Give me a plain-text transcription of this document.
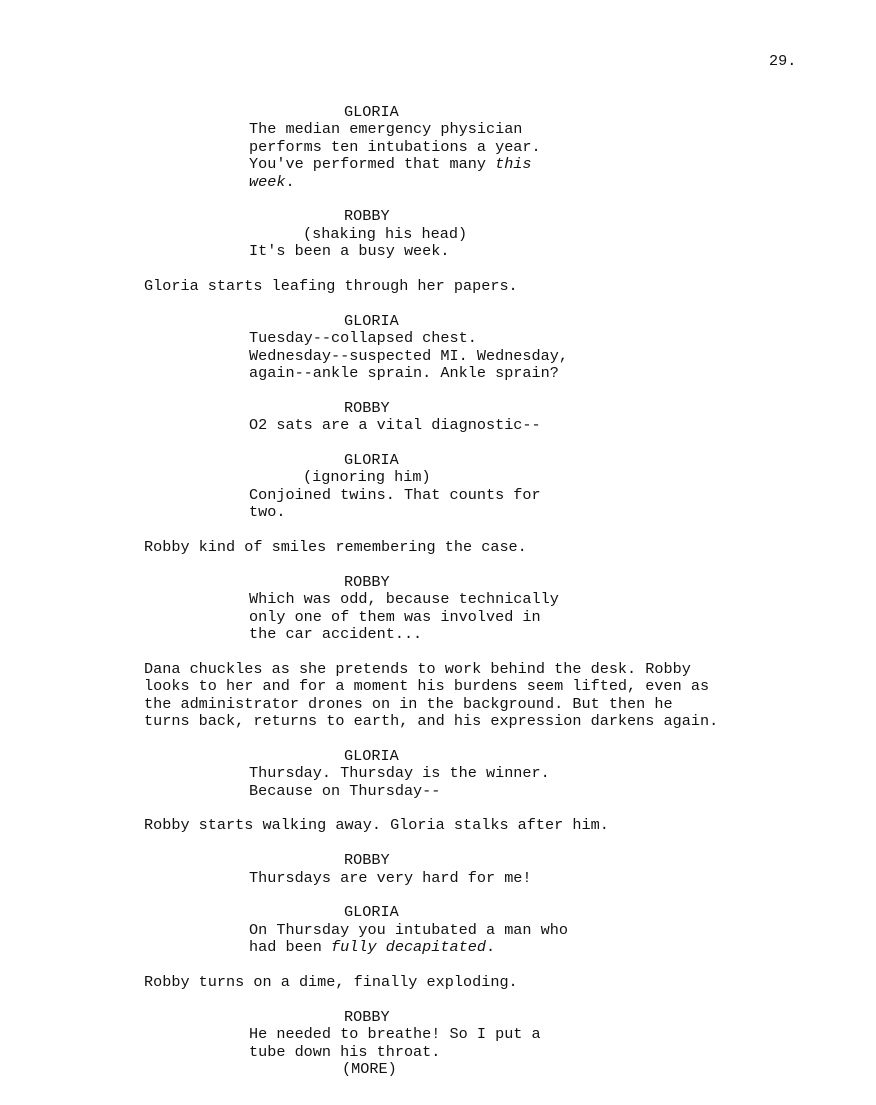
29.
GLORIA
The median emergency physician
performs ten intubations a year.
You've performed that many this
week.
ROBBY
(shaking his head)
It's been a busy week.
Gloria starts leafing through her papers.
GLORIA
Tuesday--collapsed chest.
Wednesday--suspected MI. Wednesday,
again--ankle sprain. Ankle sprain?
ROBBY
O2 sats are a vital diagnostic--
GLORIA
(ignoring him)
Conjoined twins. That counts for
two.
Robby kind of smiles remembering the case.
ROBBY
Which was odd, because technically
only one of them was involved in
the car accident...
Dana chuckles as she pretends to work behind the desk. Robby
looks to her and for a moment his burdens seem lifted, even as
the administrator drones on in the background. But then he
turns back, returns to earth, and his expression darkens again.
GLORIA
Thursday. Thursday is the winner.
Because on Thursday--
Robby starts walking away. Gloria stalks after him.
ROBBY
Thursdays are very hard for me!
GLORIA
On Thursday you intubated a man who
had been fully decapitated.
Robby turns on a dime, finally exploding.
ROBBY
He needed to breathe! So I put a
tube down his throat.
(MORE)
